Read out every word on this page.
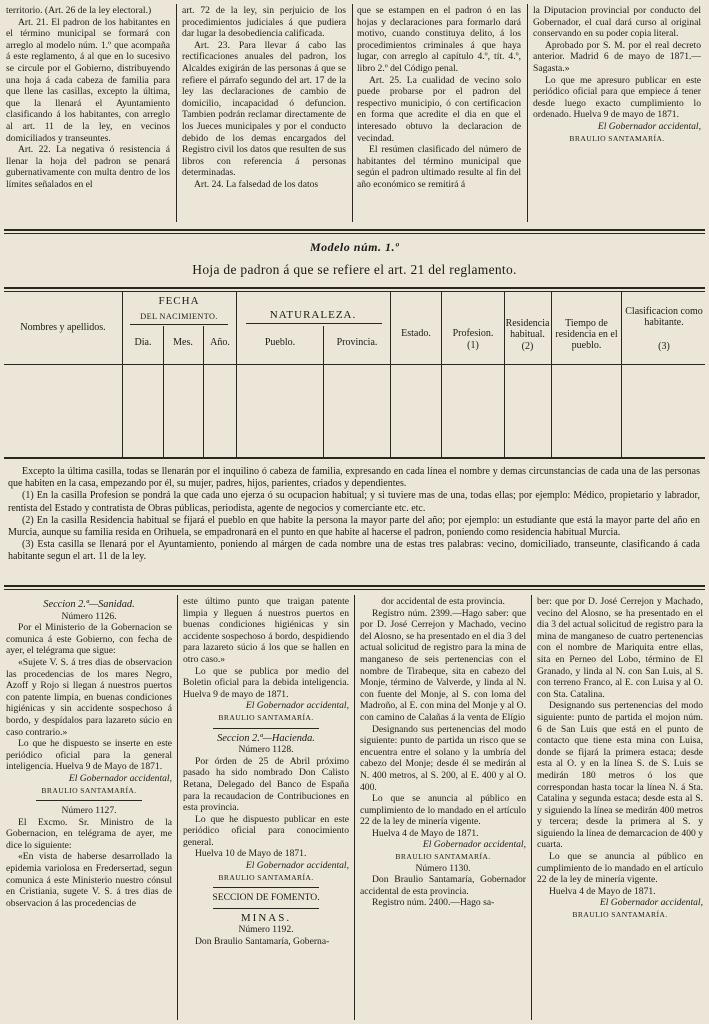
territorio. (Art. 26 de la ley electoral.)

Art. 21. El padron de los habitantes en el término municipal se formará con arreglo al modelo núm. 1.º que acompaña á este reglamento, á al que en lo sucesivo se circule por el Gobierno, distribuyendo una hoja á cada cabeza de familia para que llene las casillas, excepto la última, que la llenará el Ayuntamiento clasificando á los habitantes, con arreglo al art. 11 de la ley, en vecinos domiciliados y transeuntes.

Art. 22. La negativa ó resistencia á llenar la hoja del padron se penará gubernativamente con multa dentro de los límites señalados en el

art. 72 de la ley, sin perjuicio de los procedimientos judiciales á que pudiera dar lugar la desobediencia calificada.

Art. 23. Para llevar á cabo las rectificaciones anuales del padron, los Alcaldes exigirán de las personas á que se refiere el párrafo segundo del art. 17 de la ley las declaraciones de cambio de domicilio, incapacidad ó defuncion. Tambien podrán reclamar directamente de los Jueces municipales y por el conducto debido de los demas encargados del Registro civil los datos que resulten de sus libros con referencia á personas determinadas.

Art. 24. La falsedad de los datos

que se estampen en el padron ó en las hojas y declaraciones para formarlo dará motivo, cuando constituya delito, á los procedimientos criminales á que haya lugar, con arreglo al capítulo 4.º, tít. 4.º, libro 2.º del Código penal.

Art. 25. La cualidad de vecino solo puede probarse por el padron del respectivo municipio, ó con certificacion en forma que acredite el dia en que el interesado obtuvo la declaracion de vecindad.

El resúmen clasificado del número de habitantes del término municipal que según el padron ultimado resulte al fin del año económico se remitirá á

la Diputacion provincial por conducto del Gobernador, el cual dará curso al original conservando en su poder copia literal.

Aprobado por S. M. por el real decreto anterior. Madrid 6 de mayo de 1871.—Sagasta.»

Lo que me apresuro publicar en este periódico oficial para que empiece á tener desde luego exacto cumplimiento lo ordenado. Huelva 9 de mayo de 1871.

El Gobernador accidental,

BRAULIO SANTAMARÍA.

Modelo núm. 1.º
Hoja de padron á que se refiere el art. 21 del reglamento.
Nombres y apellidos.
FECHA
DEL NACIMIENTO.
Dia.	Mes.	Año.
NATURALEZA.
Pueblo.	Provincia.
Estado.	Profesion.
(1)
Residencia habitual.
(2)
Tiempo de residencia en el pueblo.
Clasificacion como habitante.
(3)

Excepto la última casilla, todas se llenarán por el inquilino ó cabeza de familia, expresando en cada línea el nombre y demas circunstancias de cada una de las personas que habiten en la casa, empezando por él, su mujer, padres, hijos, parientes, criados y dependientes.

(1) En la casilla Profesion se pondrá la que cada uno ejerza ó su ocupacion habitual; y si tuviere mas de una, todas ellas; por ejemplo: Médico, propietario y labrador, rentista del Estado y contratista de Obras públicas, periodista, agente de negocios y comerciante etc. etc.

(2) En la casilla Residencia habitual se fijará el pueblo en que habite la persona la mayor parte del año; por ejemplo: un estudiante que está la mayor parte del año en Murcia, aunque su familia resida en Orihuela, se empadronará en el punto en que habite al hacerse el padron, poniendo como residencia habitual Murcia.

(3) Esta casilla se llenará por el Ayuntamiento, poniendo al márgen de cada nombre una de estas tres palabras: vecino, domiciliado, transeunte, clasificando á cada habitante segun el art. 11 de la ley.

Seccion 2.ª—Sanidad.

Número 1126.

Por el Ministerio de la Gobernacion se comunica á este Gobierno, con fecha de ayer, el telégrama que sigue:

«Sujete V. S. á tres dias de observacion las procedencias de los mares Negro, Azoff y Rojo si llegan á nuestros puertos con patente limpia, en buenas condiciones higiénicas y sin accidente sospechoso á bordo, y despídalos para lazareto súcio en caso contrario.»

Lo que he dispuesto se inserte en este periódico oficial para la general inteligencia. Huelva 9 de Mayo de 1871.

El Gobernador accidental,

BRAULIO SANTAMARÍA.

Número 1127.

El Excmo. Sr. Ministro de la Gobernacion, en telégrama de ayer, me dice lo siguiente:

«En vista de haberse desarrollado la epidemia variolosa en Fredersertad, segun comunica á este Ministerio nuestro cónsul en Cristiania, sugete V. S. á tres dias de observacion á las procedencias de

este último punto que traigan patente limpia y lleguen á nuestros puertos en buenas condiciones higiénicas y sin accidente sospechoso á bordo, despidiendo para lazareto súcio á los que se hallen en otro caso.»

Lo que se publica por medio del Boletin oficial para la debida inteligencia. Huelva 9 de mayo de 1871.

El Gobernador accidental,

BRAULIO SANTAMARÍA.

Seccion 2.ª—Hacienda.

Número 1128.

Por órden de 25 de Abril próximo pasado ha sido nombrado Don Calisto Retana, Delegado del Banco de España para la recaudacion de Contribuciones en esta provincia.

Lo que he dispuesto publicar en este periódico oficial para conocimiento general.

Huelva 10 de Mayo de 1871.

El Gobernador accidental,

BRAULIO SANTAMARÍA.

SECCION DE FOMENTO.

MINAS.

Número 1192.

Don Braulio Santamaría, Goberna-

dor accidental de esta provincia.

Registro núm. 2399.—Hago saber: que por D. José Cerrejon y Machado, vecino del Alosno, se ha presentado en el dia 3 del actual solicitud de registro para la mina de manganeso de seis pertenencias con el nombre de Tirabeque, sita en cabezo del Monje, término de Valverde, y linda al N. con fuente del Monje, al S. con loma del Madroño, al E. con mina del Monje y al O. con camino de Calañas á la venta de Elígio

Designando sus pertenencias del modo siguiente: punto de partida un risco que se encuentra entre el solano y la umbría del cabezo del Monje; desde él se medirán al N. 400 metros, al S. 200, al E. 400 y al O. 400.

Lo que se anuncia al público en cumplimiento de lo mandado en el artículo 22 de la ley de minería vigente.

Huelva 4 de Mayo de 1871.

El Gobernador accidental,

BRAULIO SANTAMARÍA.

Número 1130.

Don Braulio Santamaría, Gobernador accidental de esta provincia.

Registro núm. 2400.—Hago sa-

ber: que por D. José Cerrejon y Machado, vecino del Alosno, se ha presentado en el dia 3 del actual solicitud de registro para la mina de manganeso de cuatro pertenencias con el nombre de Mariquita entre ellas, sita en Perneo del Lobo, término de El Granado, y linda al N. con San Luis, al S. con terreno Franco, al E. con Luisa y al O. con Sta. Catalina.

Designando sus pertenencias del modo siguiente: punto de partida el mojon núm. 6 de San Luis que está en el punto de contacto que tiene esta mina con Luisa, donde se fijará la primera estaca; desde esta al O. y en la línea S. de S. Luis se medirán 180 metros ó los que correspondan hasta tocar la línea N. á Sta. Catalina y segunda estaca; desde esta al S. y siguiendo la línea se medirán 400 metros y tercera; desde la primera al S. y siguiendo la línea de demarcacion de 400 y cuarta.

Lo que se anuncia al público en cumplimiento de lo mandado en el artículo 22 de la ley de minería vigente.

Huelva 4 de Mayo de 1871.

El Gobernador accidental,

BRAULIO SANTAMARÍA.
